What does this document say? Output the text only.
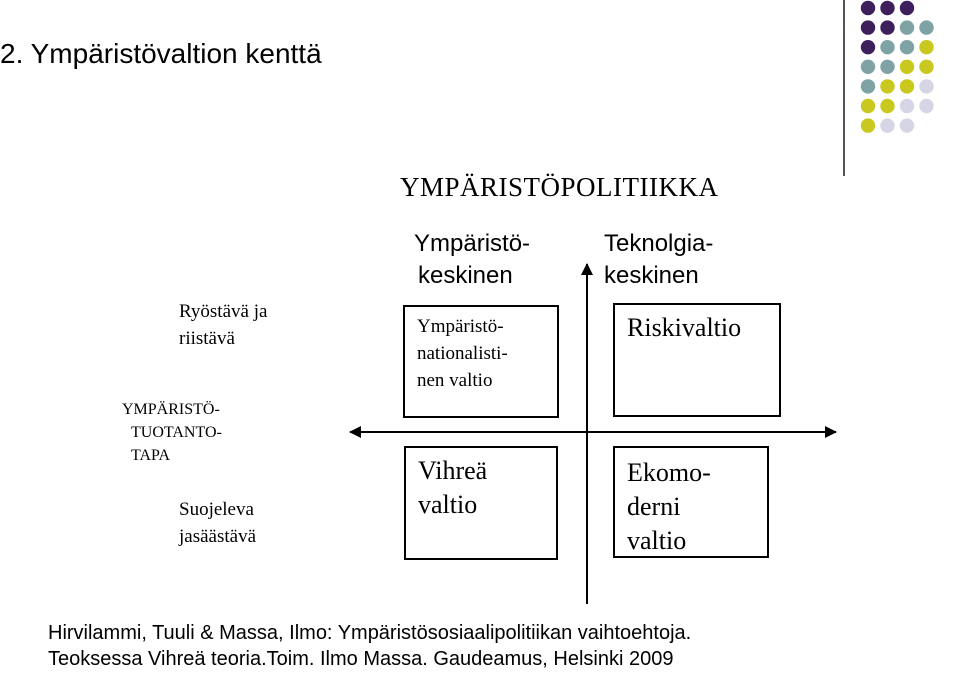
2. Ympäristövaltion kenttä
YMPÄRISTÖPOLITIIKKA
Ympäristö-
keskinen
Teknolgia-
keskinen
Ryöstävä ja
riistävä
YMPÄRISTÖ-
TUOTANTO-
TAPA
Suojeleva
jasäästävä
Ympäristö-
nationalisti-
nen valtio
Riskivaltio
Vihreä
valtio
Ekomo-
derni
valtio
Hirvilammi, Tuuli & Massa, Ilmo: Ympäristösosiaalipolitiikan vaihtoehtoja.
Teoksessa Vihreä teoria.Toim. Ilmo Massa. Gaudeamus, Helsinki 2009
